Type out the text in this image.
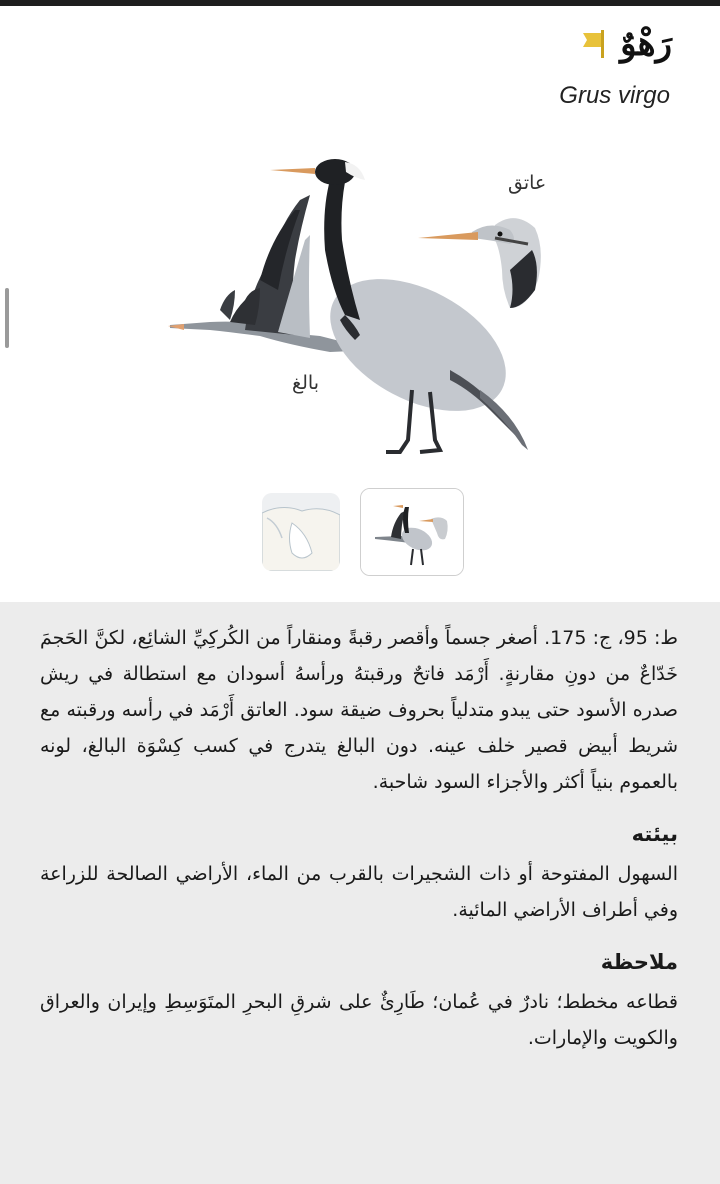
رَهْوٌ
Grus virgo
عاتق
بالغ

ط: 95، ج: 175. أصغر جسماً وأقصر رقبةً ومنقاراً من الكُركِيِّ الشائِع، لكنَّ الحَجمَ خَدّاعٌ من دونِ مقارنةٍ. أَرْمَد فاتحٌ ورقبتهُ ورأسهُ أسودان مع استطالة في ريش صدره الأسود حتى يبدو متدلياً بحروف ضيقة سود. العاتق أَرْمَد في رأسه ورقبته مع شريط أبيض قصير خلف عينه. دون البالغ يتدرج في كسب كِسْوَة البالغ، لونه بالعموم بنياً أكثر والأجزاء السود شاحبة.

بيئته

السهول المفتوحة أو ذات الشجيرات بالقرب من الماء، الأراضي الصالحة للزراعة وفي أطراف الأراضي المائية.

ملاحظة

قطاعه مخطط؛ نادرٌ في عُمان؛ طَارِئٌ على شرقِ البحرِ المتَوَسِطِ وإيران والعراق والكويت والإمارات.
